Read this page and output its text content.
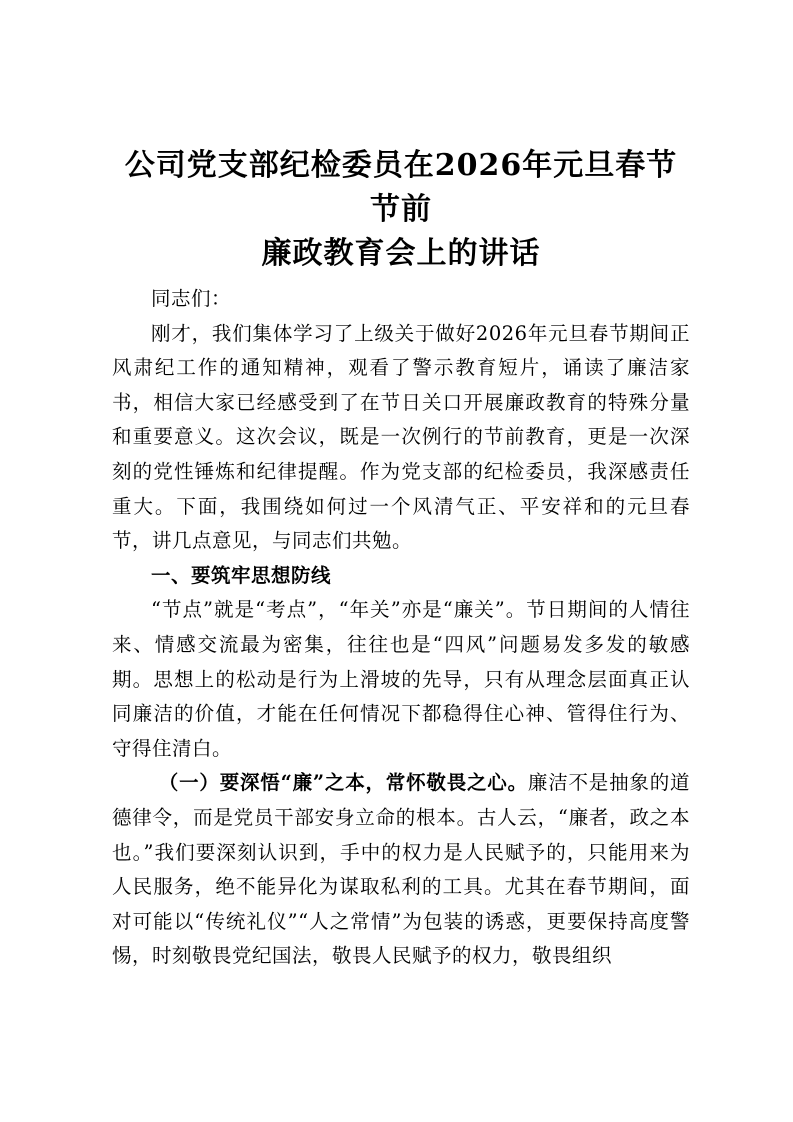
公司党支部纪检委员在2026年元旦春节节前
廉政教育会上的讲话

同志们：

刚才，我们集体学习了上级关于做好2026年元旦春节期间正风肃纪工作的通知精神，观看了警示教育短片，诵读了廉洁家书，相信大家已经感受到了在节日关口开展廉政教育的特殊分量和重要意义。这次会议，既是一次例行的节前教育，更是一次深刻的党性锤炼和纪律提醒。作为党支部的纪检委员，我深感责任重大。下面，我围绕如何过一个风清气正、平安祥和的元旦春节，讲几点意见，与同志们共勉。

一、要筑牢思想防线

“节点”就是“考点”，“年关”亦是“廉关”。节日期间的人情往来、情感交流最为密集，往往也是“四风”问题易发多发的敏感期。思想上的松动是行为上滑坡的先导，只有从理念层面真正认同廉洁的价值，才能在任何情况下都稳得住心神、管得住行为、守得住清白。

（一）要深悟“廉”之本，常怀敬畏之心。廉洁不是抽象的道德律令，而是党员干部安身立命的根本。古人云，“廉者，政之本也。”我们要深刻认识到，手中的权力是人民赋予的，只能用来为人民服务，绝不能异化为谋取私利的工具。尤其在春节期间，面对可能以“传统礼仪”“人之常情”为包装的诱惑，更要保持高度警惕，时刻敬畏党纪国法，敬畏人民赋予的权力，敬畏组织
